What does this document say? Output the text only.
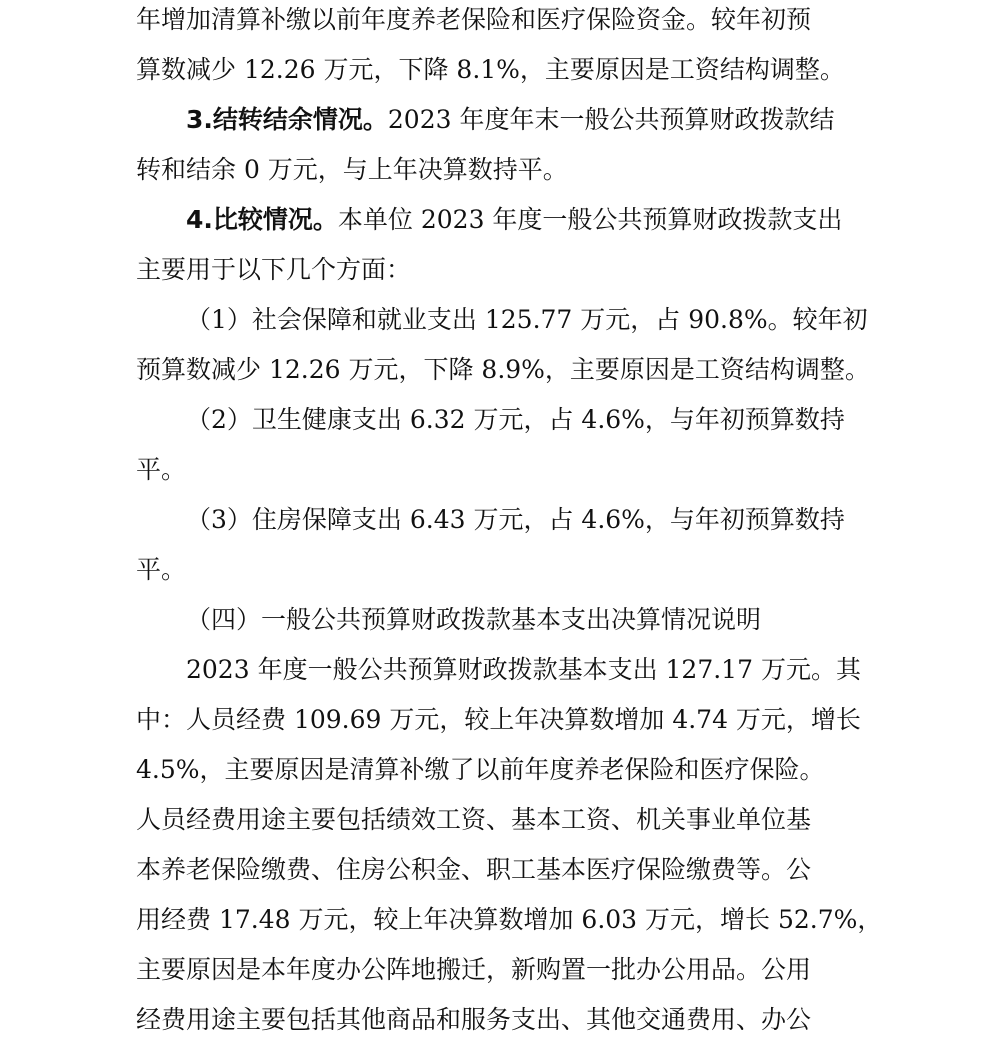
年增加清算补缴以前年度养老保险和医疗保险资金。较年初预
算数减少 12.26 万元，下降 8.1%，主要原因是工资结构调整。
3.结转结余情况。2023 年度年末一般公共预算财政拨款结
转和结余 0 万元，与上年决算数持平。
4.比较情况。本单位 2023 年度一般公共预算财政拨款支出
主要用于以下几个方面：
（1）社会保障和就业支出 125.77 万元，占 90.8%。较年初
预算数减少 12.26 万元，下降 8.9%，主要原因是工资结构调整。
（2）卫生健康支出 6.32 万元，占 4.6%，与年初预算数持
平。
（3）住房保障支出 6.43 万元，占 4.6%，与年初预算数持
平。
（四）一般公共预算财政拨款基本支出决算情况说明
2023 年度一般公共预算财政拨款基本支出 127.17 万元。其
中：人员经费 109.69 万元，较上年决算数增加 4.74 万元，增长
4.5%，主要原因是清算补缴了以前年度养老保险和医疗保险。
人员经费用途主要包括绩效工资、基本工资、机关事业单位基
本养老保险缴费、住房公积金、职工基本医疗保险缴费等。公
用经费 17.48 万元，较上年决算数增加 6.03 万元，增长 52.7%，
主要原因是本年度办公阵地搬迁，新购置一批办公用品。公用
经费用途主要包括其他商品和服务支出、其他交通费用、办公
